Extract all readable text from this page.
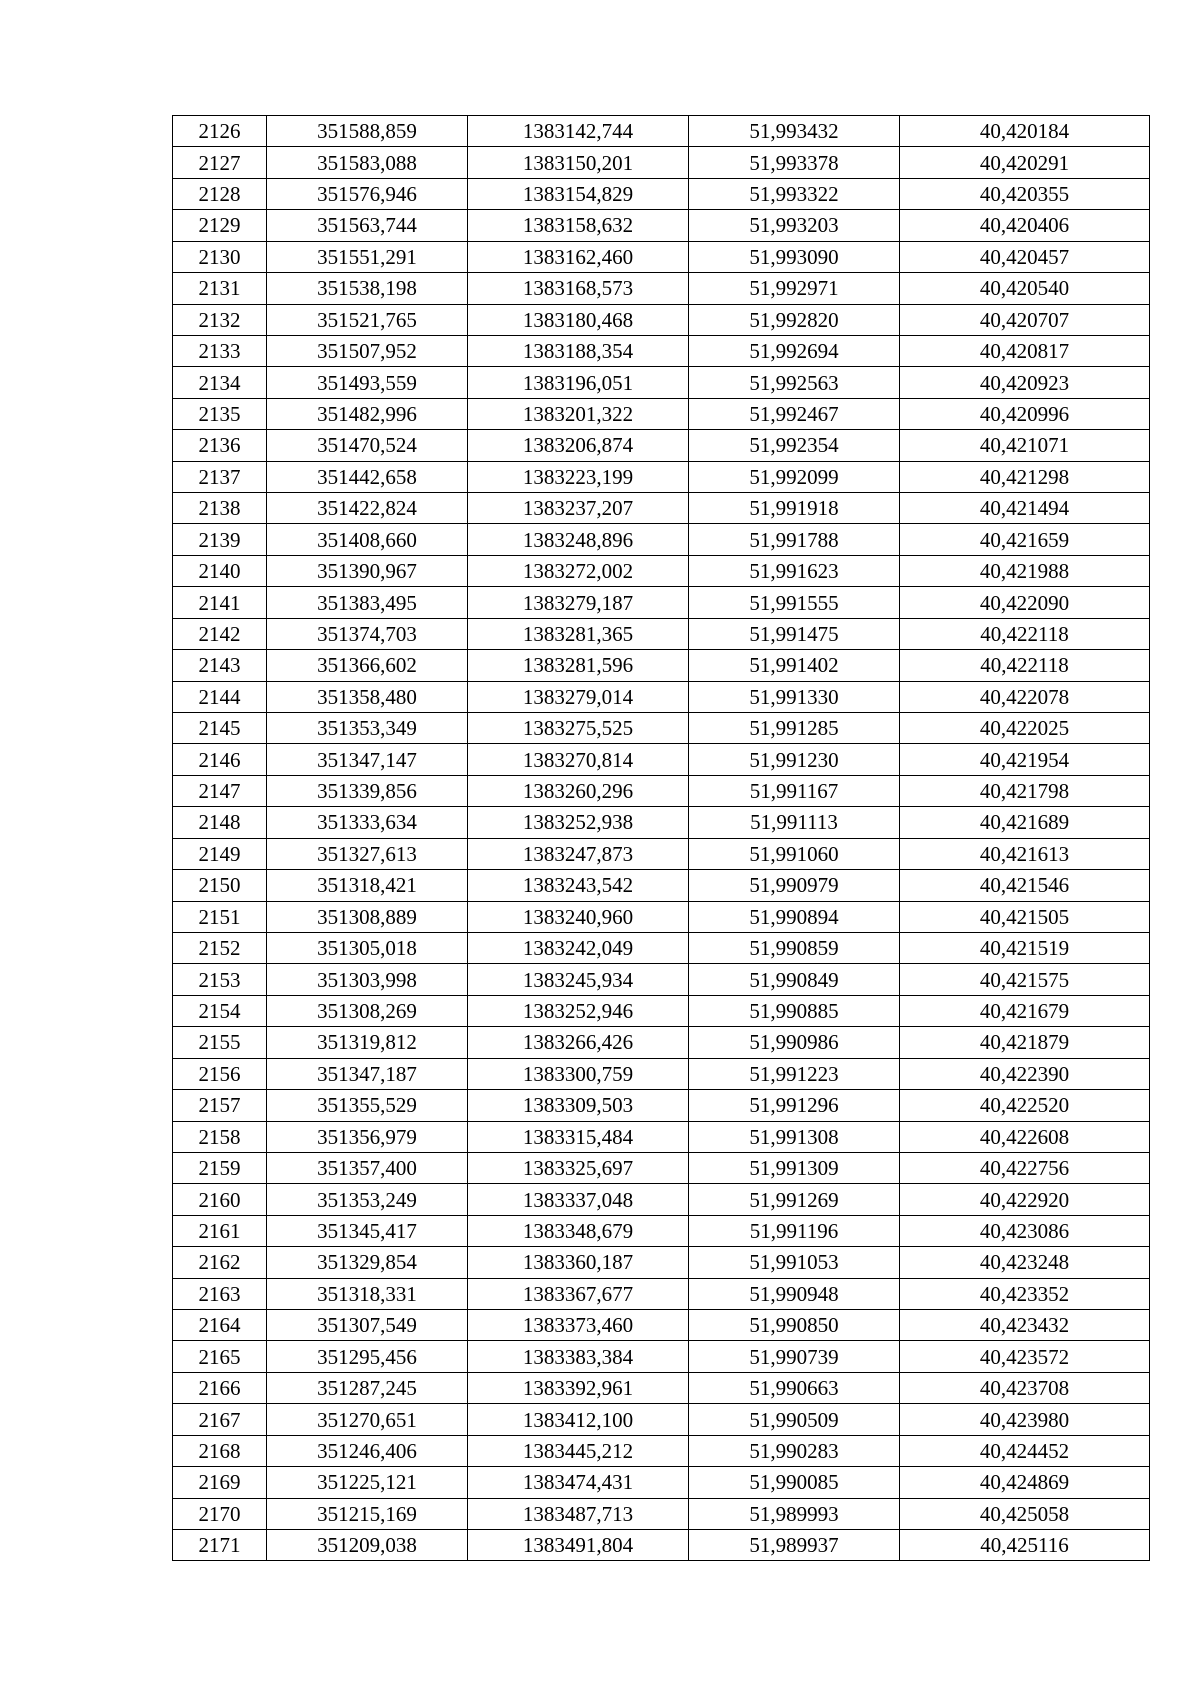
2126	351588,859	1383142,744	51,993432	40,420184
2127	351583,088	1383150,201	51,993378	40,420291
2128	351576,946	1383154,829	51,993322	40,420355
2129	351563,744	1383158,632	51,993203	40,420406
2130	351551,291	1383162,460	51,993090	40,420457
2131	351538,198	1383168,573	51,992971	40,420540
2132	351521,765	1383180,468	51,992820	40,420707
2133	351507,952	1383188,354	51,992694	40,420817
2134	351493,559	1383196,051	51,992563	40,420923
2135	351482,996	1383201,322	51,992467	40,420996
2136	351470,524	1383206,874	51,992354	40,421071
2137	351442,658	1383223,199	51,992099	40,421298
2138	351422,824	1383237,207	51,991918	40,421494
2139	351408,660	1383248,896	51,991788	40,421659
2140	351390,967	1383272,002	51,991623	40,421988
2141	351383,495	1383279,187	51,991555	40,422090
2142	351374,703	1383281,365	51,991475	40,422118
2143	351366,602	1383281,596	51,991402	40,422118
2144	351358,480	1383279,014	51,991330	40,422078
2145	351353,349	1383275,525	51,991285	40,422025
2146	351347,147	1383270,814	51,991230	40,421954
2147	351339,856	1383260,296	51,991167	40,421798
2148	351333,634	1383252,938	51,991113	40,421689
2149	351327,613	1383247,873	51,991060	40,421613
2150	351318,421	1383243,542	51,990979	40,421546
2151	351308,889	1383240,960	51,990894	40,421505
2152	351305,018	1383242,049	51,990859	40,421519
2153	351303,998	1383245,934	51,990849	40,421575
2154	351308,269	1383252,946	51,990885	40,421679
2155	351319,812	1383266,426	51,990986	40,421879
2156	351347,187	1383300,759	51,991223	40,422390
2157	351355,529	1383309,503	51,991296	40,422520
2158	351356,979	1383315,484	51,991308	40,422608
2159	351357,400	1383325,697	51,991309	40,422756
2160	351353,249	1383337,048	51,991269	40,422920
2161	351345,417	1383348,679	51,991196	40,423086
2162	351329,854	1383360,187	51,991053	40,423248
2163	351318,331	1383367,677	51,990948	40,423352
2164	351307,549	1383373,460	51,990850	40,423432
2165	351295,456	1383383,384	51,990739	40,423572
2166	351287,245	1383392,961	51,990663	40,423708
2167	351270,651	1383412,100	51,990509	40,423980
2168	351246,406	1383445,212	51,990283	40,424452
2169	351225,121	1383474,431	51,990085	40,424869
2170	351215,169	1383487,713	51,989993	40,425058
2171	351209,038	1383491,804	51,989937	40,425116
